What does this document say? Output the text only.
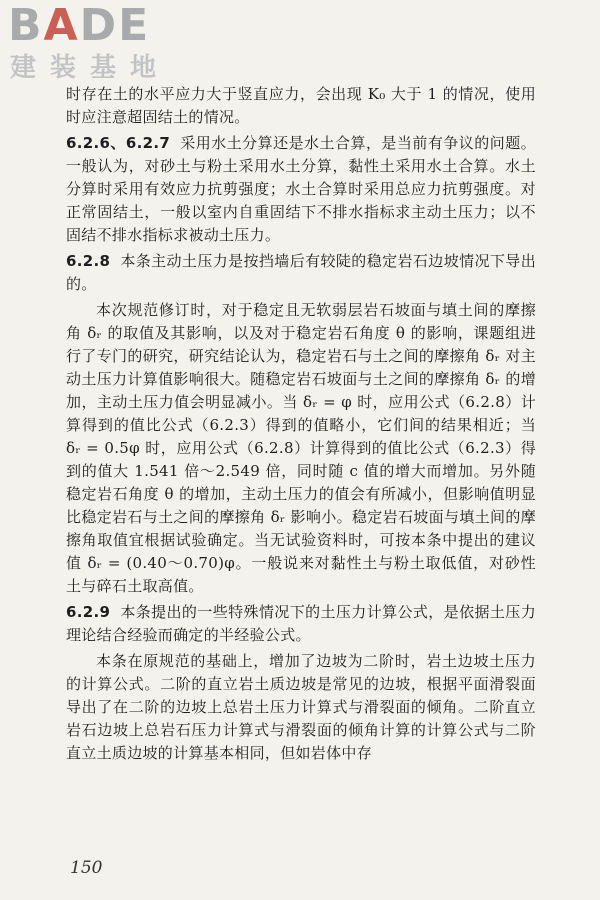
BADE
建装基地

时存在土的水平应力大于竖直应力，会出现 K₀ 大于 1 的情况，使用时应注意超固结土的情况。

6.2.6、6.2.7 采用水土分算还是水土合算，是当前有争议的问题。一般认为，对砂土与粉土采用水土分算，黏性土采用水土合算。水土分算时采用有效应力抗剪强度；水土合算时采用总应力抗剪强度。对正常固结土，一般以室内自重固结下不排水指标求主动土压力；以不固结不排水指标求被动土压力。

6.2.8 本条主动土压力是按挡墙后有较陡的稳定岩石边坡情况下导出的。

本次规范修订时，对于稳定且无软弱层岩石坡面与填土间的摩擦角 δᵣ 的取值及其影响，以及对于稳定岩石角度 θ 的影响，课题组进行了专门的研究，研究结论认为，稳定岩石与土之间的摩擦角 δᵣ 对主动土压力计算值影响很大。随稳定岩石坡面与土之间的摩擦角 δᵣ 的增加，主动土压力值会明显减小。当 δᵣ = φ 时，应用公式（6.2.8）计算得到的值比公式（6.2.3）得到的值略小，它们间的结果相近；当 δᵣ = 0.5φ 时，应用公式（6.2.8）计算得到的值比公式（6.2.3）得到的值大 1.541 倍～2.549 倍，同时随 c 值的增大而增加。另外随稳定岩石角度 θ 的增加，主动土压力的值会有所减小，但影响值明显比稳定岩石与土之间的摩擦角 δᵣ 影响小。稳定岩石坡面与填土间的摩擦角取值宜根据试验确定。当无试验资料时，可按本条中提出的建议值 δᵣ = (0.40～0.70)φ。一般说来对黏性土与粉土取低值，对砂性土与碎石土取高值。

6.2.9 本条提出的一些特殊情况下的土压力计算公式，是依据土压力理论结合经验而确定的半经验公式。

本条在原规范的基础上，增加了边坡为二阶时，岩土边坡土压力的计算公式。二阶的直立岩土质边坡是常见的边坡，根据平面滑裂面导出了在二阶的边坡上总岩土压力计算式与滑裂面的倾角。二阶直立岩石边坡上总岩石压力计算式与滑裂面的倾角计算的计算公式与二阶直立土质边坡的计算基本相同，但如岩体中存

150
